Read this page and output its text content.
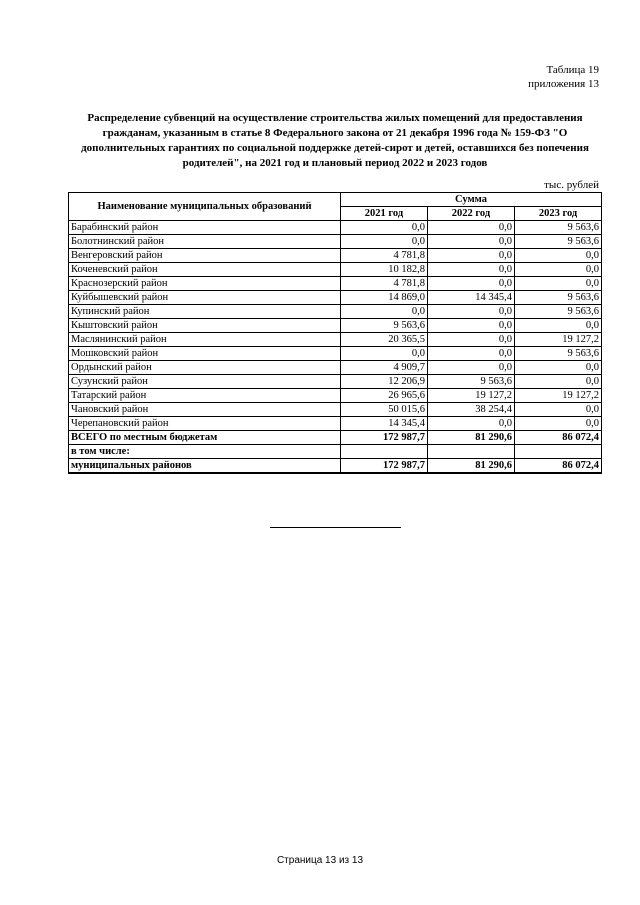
Таблица 19
приложения 13
Распределение субвенций на осуществление строительства жилых помещений для предоставления гражданам, указанным в статье 8 Федерального закона от 21 декабря 1996 года № 159-ФЗ "О дополнительных гарантиях по социальной поддержке детей-сирот и детей, оставшихся без попечения родителей", на 2021 год и плановый период 2022 и 2023 годов
тыс. рублей
Наименование муниципальных образований	Сумма		
	2021 год	2022 год	2023 год
Барабинский район	0,0	0,0	9 563,6
Болотнинский район	0,0	0,0	9 563,6
Венгеровский район	4 781,8	0,0	0,0
Коченевский район	10 182,8	0,0	0,0
Краснозерский район	4 781,8	0,0	0,0
Куйбышевский район	14 869,0	14 345,4	9 563,6
Купинский район	0,0	0,0	9 563,6
Кыштовский район	9 563,6	0,0	0,0
Маслянинский район	20 365,5	0,0	19 127,2
Мошковский район	0,0	0,0	9 563,6
Ордынский район	4 909,7	0,0	0,0
Сузунский район	12 206,9	9 563,6	0,0
Татарский район	26 965,6	19 127,2	19 127,2
Чановский район	50 015,6	38 254,4	0,0
Черепановский район	14 345,4	0,0	0,0
ВСЕГО по местным бюджетам	172 987,7	81 290,6	86 072,4
в том числе:			
муниципальных районов	172 987,7	81 290,6	86 072,4
Страница 13 из 13
